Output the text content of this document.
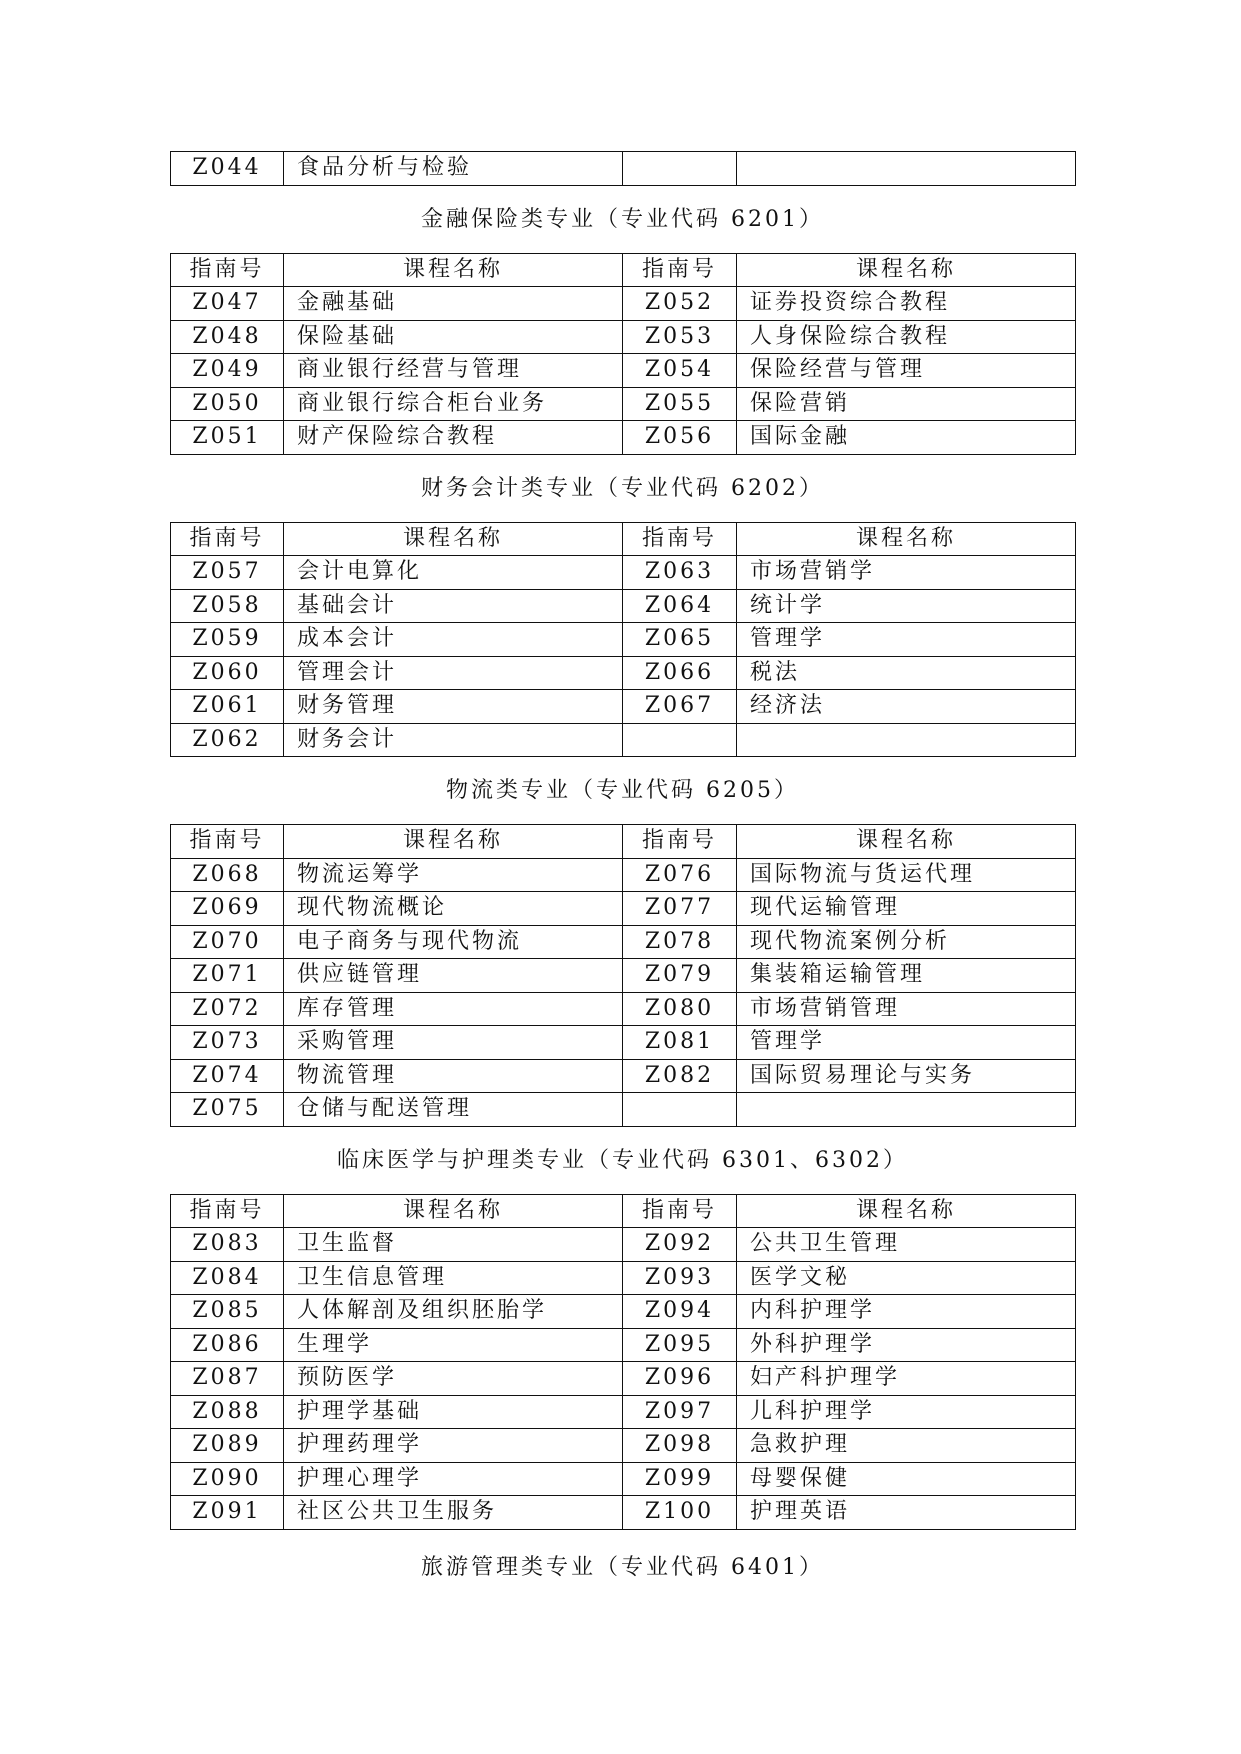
Z044	食品分析与检验		
金融保险类专业（专业代码 6201）
指南号	课程名称	指南号	课程名称
Z047	金融基础	Z052	证券投资综合教程
Z048	保险基础	Z053	人身保险综合教程
Z049	商业银行经营与管理	Z054	保险经营与管理
Z050	商业银行综合柜台业务	Z055	保险营销
Z051	财产保险综合教程	Z056	国际金融
财务会计类专业（专业代码 6202）
指南号	课程名称	指南号	课程名称
Z057	会计电算化	Z063	市场营销学
Z058	基础会计	Z064	统计学
Z059	成本会计	Z065	管理学
Z060	管理会计	Z066	税法
Z061	财务管理	Z067	经济法
Z062	财务会计		
物流类专业（专业代码 6205）
指南号	课程名称	指南号	课程名称
Z068	物流运筹学	Z076	国际物流与货运代理
Z069	现代物流概论	Z077	现代运输管理
Z070	电子商务与现代物流	Z078	现代物流案例分析
Z071	供应链管理	Z079	集装箱运输管理
Z072	库存管理	Z080	市场营销管理
Z073	采购管理	Z081	管理学
Z074	物流管理	Z082	国际贸易理论与实务
Z075	仓储与配送管理		
临床医学与护理类专业（专业代码 6301、6302）
指南号	课程名称	指南号	课程名称
Z083	卫生监督	Z092	公共卫生管理
Z084	卫生信息管理	Z093	医学文秘
Z085	人体解剖及组织胚胎学	Z094	内科护理学
Z086	生理学	Z095	外科护理学
Z087	预防医学	Z096	妇产科护理学
Z088	护理学基础	Z097	儿科护理学
Z089	护理药理学	Z098	急救护理
Z090	护理心理学	Z099	母婴保健
Z091	社区公共卫生服务	Z100	护理英语
旅游管理类专业（专业代码 6401）
